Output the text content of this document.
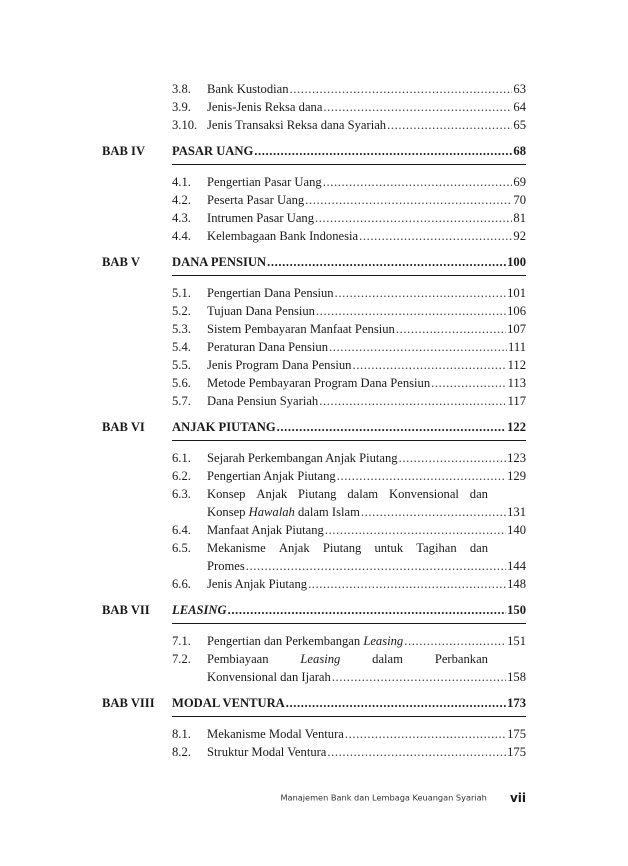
3.8. Bank Kustodian .....	63
3.9. Jenis-Jenis Reksa dana .....	64
3.10. Jenis Transaksi Reksa dana Syariah .....	65
BAB IV PASAR UANG .....	68
4.1. Pengertian Pasar Uang .....	69
4.2. Peserta Pasar Uang .....	70
4.3. Intrumen Pasar Uang .....	81
4.4. Kelembagaan Bank Indonesia .....	92
BAB V	DANA PENSIUN .....	100
5.1. Pengertian Dana Pensiun .....	101
5.2. Tujuan Dana Pensiun .....	106
5.3. Sistem Pembayaran Manfaat Pensiun .....	107
5.4. Peraturan Dana Pensiun .....	111
5.5. Jenis Program Dana Pensiun .....	112
5.6. Metode Pembayaran Program Dana Pensiun .....	113
5.7. Dana Pensiun Syariah .....	117
BAB VI ANJAK PIUTANG .....	122
6.1. Sejarah Perkembangan Anjak Piutang .....	123
6.2. Pengertian Anjak Piutang .....	129
6.3. Konsep Anjak Piutang dalam Konvensional dan
Konsep Hawalah dalam Islam .....	131
6.4. Manfaat Anjak Piutang .....	140
6.5. Mekanisme Anjak Piutang untuk Tagihan dan
Promes .....	144
6.6. Jenis Anjak Piutang .....	148
BAB VII LEASING .....	150
7.1. Pengertian dan Perkembangan Leasing .....	151
7.2. Pembiayaan	Leasing	dalam	Perbankan
Konvensional dan Ijarah .....	158
BAB VIII MODAL VENTURA .....	173
8.1. Mekanisme Modal Ventura .....	175
8.2. Struktur Modal Ventura .....	175
Manajemen Bank dan Lembaga Keuangan Syariah vii
